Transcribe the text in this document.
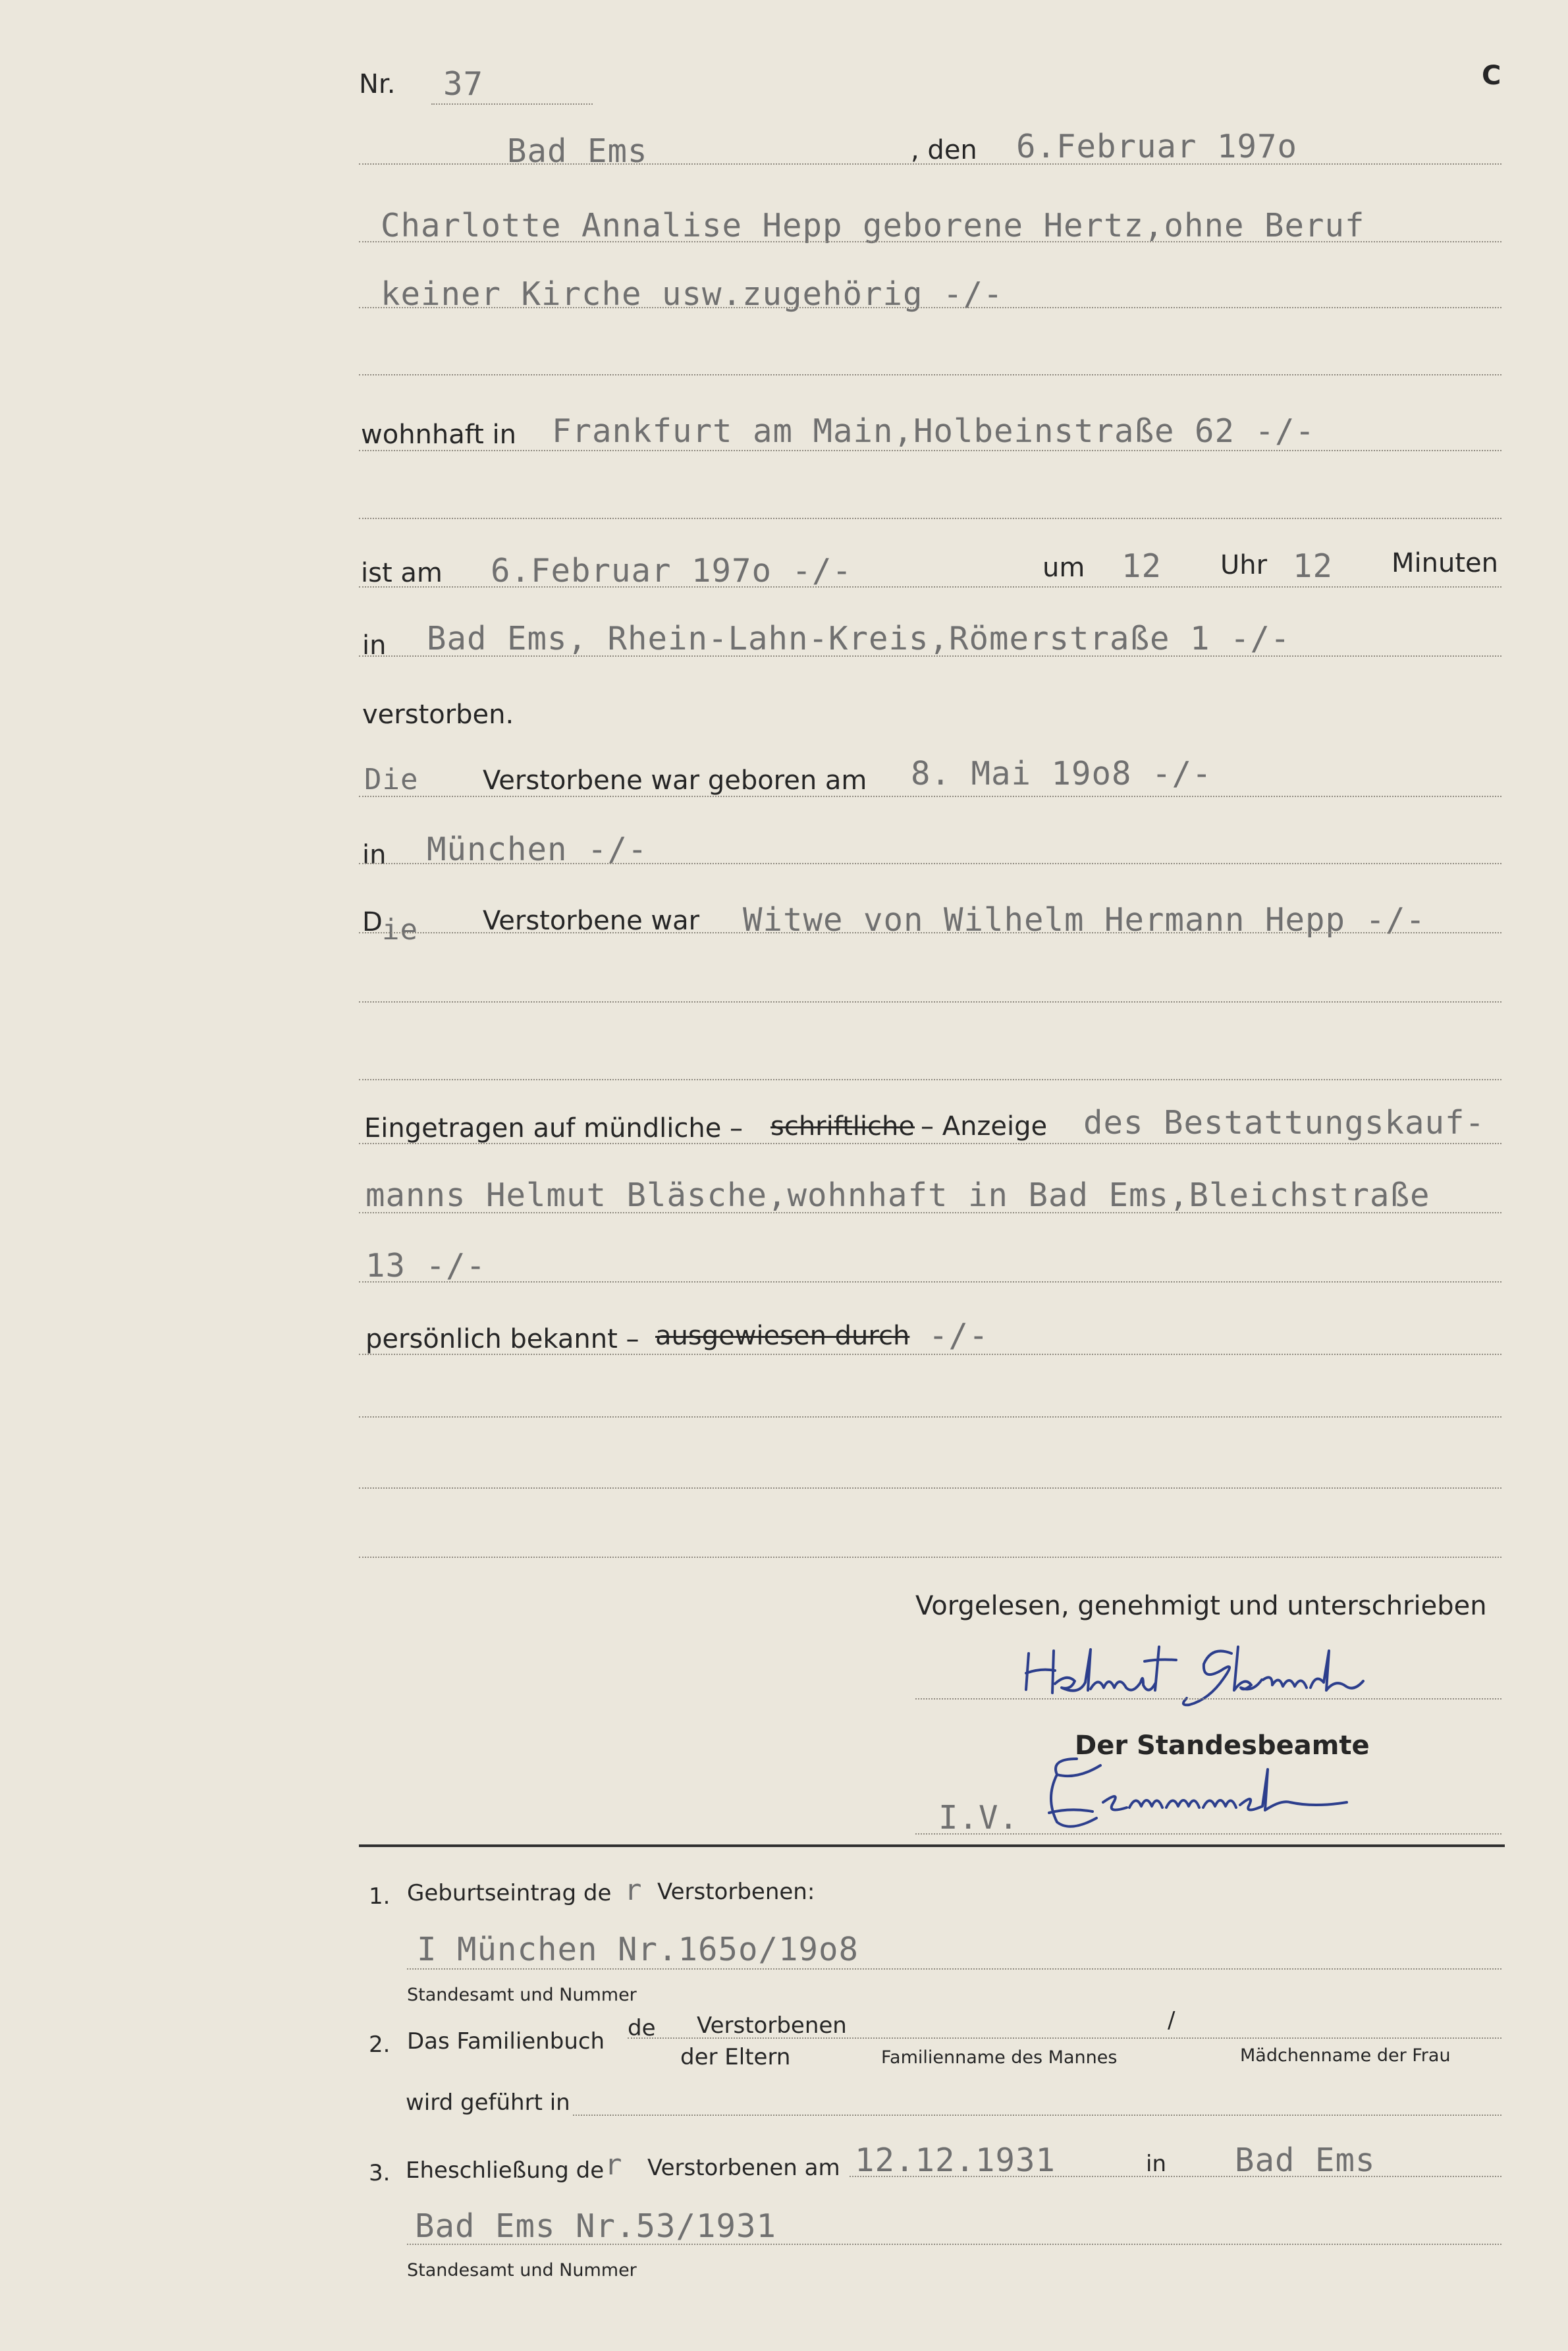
Nr. 37	C
Bad Ems	, den 6.Februar 197o
Charlotte Annalise Hepp geborene Hertz,ohne Beruf
keiner Kirche usw.zugehörig -/-
wohnhaft in Frankfurt am Main,Holbeinstraße 62 -/-
ist am 6.Februar 197o -/-	um 12 Uhr 12 Minuten
in Bad Ems, Rhein-Lahn-Kreis,Römerstraße 1 -/-
verstorben.
Die Verstorbene war geboren am 8. Mai 19o8 -/-
in München -/-
D ie Verstorbene war Witwe von Wilhelm Hermann Hepp -/-
Eingetragen auf mündliche – schriftliche – Anzeige des Bestattungskauf-
manns Helmut Bläsche,wohnhaft in Bad Ems,Bleichstraße
13 -/-
persönlich bekannt – ausgewiesen durch -/-
Vorgelesen, genehmigt und unterschrieben
Der Standesbeamte
I.V.
1. Geburtseintrag de r Verstorbenen:
I München Nr.165o/19o8
Standesamt und Nummer
2. Das Familienbuch de Verstorbenen	/
der Eltern	Familienname des Mannes	Mädchenname der Frau
wird geführt in
3. Eheschließung de r Verstorbenen am 12.12.1931	in Bad Ems
Bad Ems Nr.53/1931
Standesamt und Nummer
